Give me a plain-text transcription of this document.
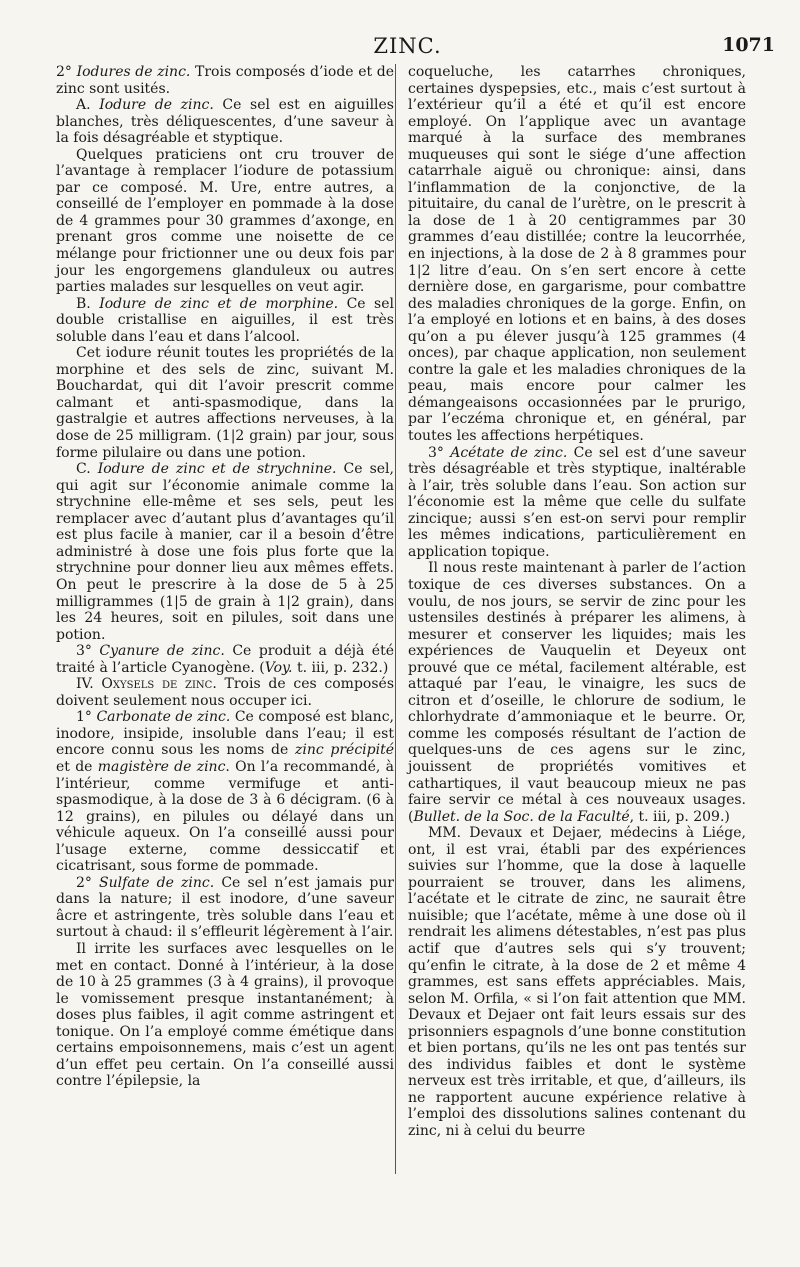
ZINC.	1071

2° Iodures de zinc. Trois composés d’iode et de zinc sont usités.

A. Iodure de zinc. Ce sel est en aiguilles blanches, très déliquescentes, d’une saveur à la fois désagréable et styptique.

Quelques praticiens ont cru trouver de l’avantage à remplacer l’iodure de potassium par ce composé. M. Ure, entre autres, a conseillé de l’employer en pommade à la dose de 4 grammes pour 30 grammes d’axonge, en prenant gros comme une noisette de ce mélange pour frictionner une ou deux fois par jour les engorgemens glanduleux ou autres parties malades sur lesquelles on veut agir.

B. Iodure de zinc et de morphine. Ce sel double cristallise en aiguilles, il est très soluble dans l’eau et dans l’alcool.

Cet iodure réunit toutes les propriétés de la morphine et des sels de zinc, suivant M. Bouchardat, qui dit l’avoir prescrit comme calmant et anti-spasmodique, dans la gastralgie et autres affections nerveuses, à la dose de 25 milligram. (1|2 grain) par jour, sous forme pilulaire ou dans une potion.

C. Iodure de zinc et de strychnine. Ce sel, qui agit sur l’économie animale comme la strychnine elle-même et ses sels, peut les remplacer avec d’autant plus d’avantages qu’il est plus facile à manier, car il a besoin d’être administré à dose une fois plus forte que la strychnine pour donner lieu aux mêmes effets. On peut le prescrire à la dose de 5 à 25 milligrammes (1|5 de grain à 1|2 grain), dans les 24 heures, soit en pilules, soit dans une potion.

3° Cyanure de zinc. Ce produit a déjà été traité à l’article Cyanogène. (Voy. t. iii, p. 232.)

IV. Oxysels de zinc. Trois de ces composés doivent seulement nous occuper ici.

1° Carbonate de zinc. Ce composé est blanc, inodore, insipide, insoluble dans l’eau; il est encore connu sous les noms de zinc précipité et de magistère de zinc. On l’a recommandé, à l’intérieur, comme vermifuge et anti-spasmodique, à la dose de 3 à 6 décigram. (6 à 12 grains), en pilules ou délayé dans un véhicule aqueux. On l’a conseillé aussi pour l’usage externe, comme dessiccatif et cicatrisant, sous forme de pommade.

2° Sulfate de zinc. Ce sel n’est jamais pur dans la nature; il est inodore, d’une saveur âcre et astringente, très soluble dans l’eau et surtout à chaud: il s’effleurit légèrement à l’air.

Il irrite les surfaces avec lesquelles on le met en contact. Donné à l’intérieur, à la dose de 10 à 25 grammes (3 à 4 grains), il provoque le vomissement presque instantanément; à doses plus faibles, il agit comme astringent et tonique. On l’a employé comme émétique dans certains empoisonnemens, mais c’est un agent d’un effet peu certain. On l’a conseillé aussi contre l’épilepsie, la

coqueluche, les catarrhes chroniques, certaines dyspepsies, etc., mais c’est surtout à l’extérieur qu’il a été et qu’il est encore employé. On l’applique avec un avantage marqué à la surface des membranes muqueuses qui sont le siége d’une affection catarrhale aiguë ou chronique: ainsi, dans l’inflammation de la conjonctive, de la pituitaire, du canal de l’urètre, on le prescrit à la dose de 1 à 20 centigrammes par 30 grammes d’eau distillée; contre la leucorrhée, en injections, à la dose de 2 à 8 grammes pour 1|2 litre d’eau. On s’en sert encore à cette dernière dose, en gargarisme, pour combattre des maladies chroniques de la gorge. Enfin, on l’a employé en lotions et en bains, à des doses qu’on a pu élever jusqu’à 125 grammes (4 onces), par chaque application, non seulement contre la gale et les maladies chroniques de la peau, mais encore pour calmer les démangeaisons occasionnées par le prurigo, par l’eczéma chronique et, en général, par toutes les affections herpétiques.

3° Acétate de zinc. Ce sel est d’une saveur très désagréable et très styptique, inaltérable à l’air, très soluble dans l’eau. Son action sur l’économie est la même que celle du sulfate zincique; aussi s’en est-on servi pour remplir les mêmes indications, particulièrement en application topique.

Il nous reste maintenant à parler de l’action toxique de ces diverses substances. On a voulu, de nos jours, se servir de zinc pour les ustensiles destinés à préparer les alimens, à mesurer et conserver les liquides; mais les expériences de Vauquelin et Deyeux ont prouvé que ce métal, facilement altérable, est attaqué par l’eau, le vinaigre, les sucs de citron et d’oseille, le chlorure de sodium, le chlorhydrate d’ammoniaque et le beurre. Or, comme les composés résultant de l’action de quelques-uns de ces agens sur le zinc, jouissent de propriétés vomitives et cathartiques, il vaut beaucoup mieux ne pas faire servir ce métal à ces nouveaux usages. (Bullet. de la Soc. de la Faculté, t. iii, p. 209.)

MM. Devaux et Dejaer, médecins à Liége, ont, il est vrai, établi par des expériences suivies sur l’homme, que la dose à laquelle pourraient se trouver, dans les alimens, l’acétate et le citrate de zinc, ne saurait être nuisible; que l’acétate, même à une dose où il rendrait les alimens détestables, n’est pas plus actif que d’autres sels qui s’y trouvent; qu’enfin le citrate, à la dose de 2 et même 4 grammes, est sans effets appréciables. Mais, selon M. Orfila, « si l’on fait attention que MM. Devaux et Dejaer ont fait leurs essais sur des prisonniers espagnols d’une bonne constitution et bien portans, qu’ils ne les ont pas tentés sur des individus faibles et dont le système nerveux est très irritable, et que, d’ailleurs, ils ne rapportent aucune expérience relative à l’emploi des dissolutions salines contenant du zinc, ni à celui du beurre
